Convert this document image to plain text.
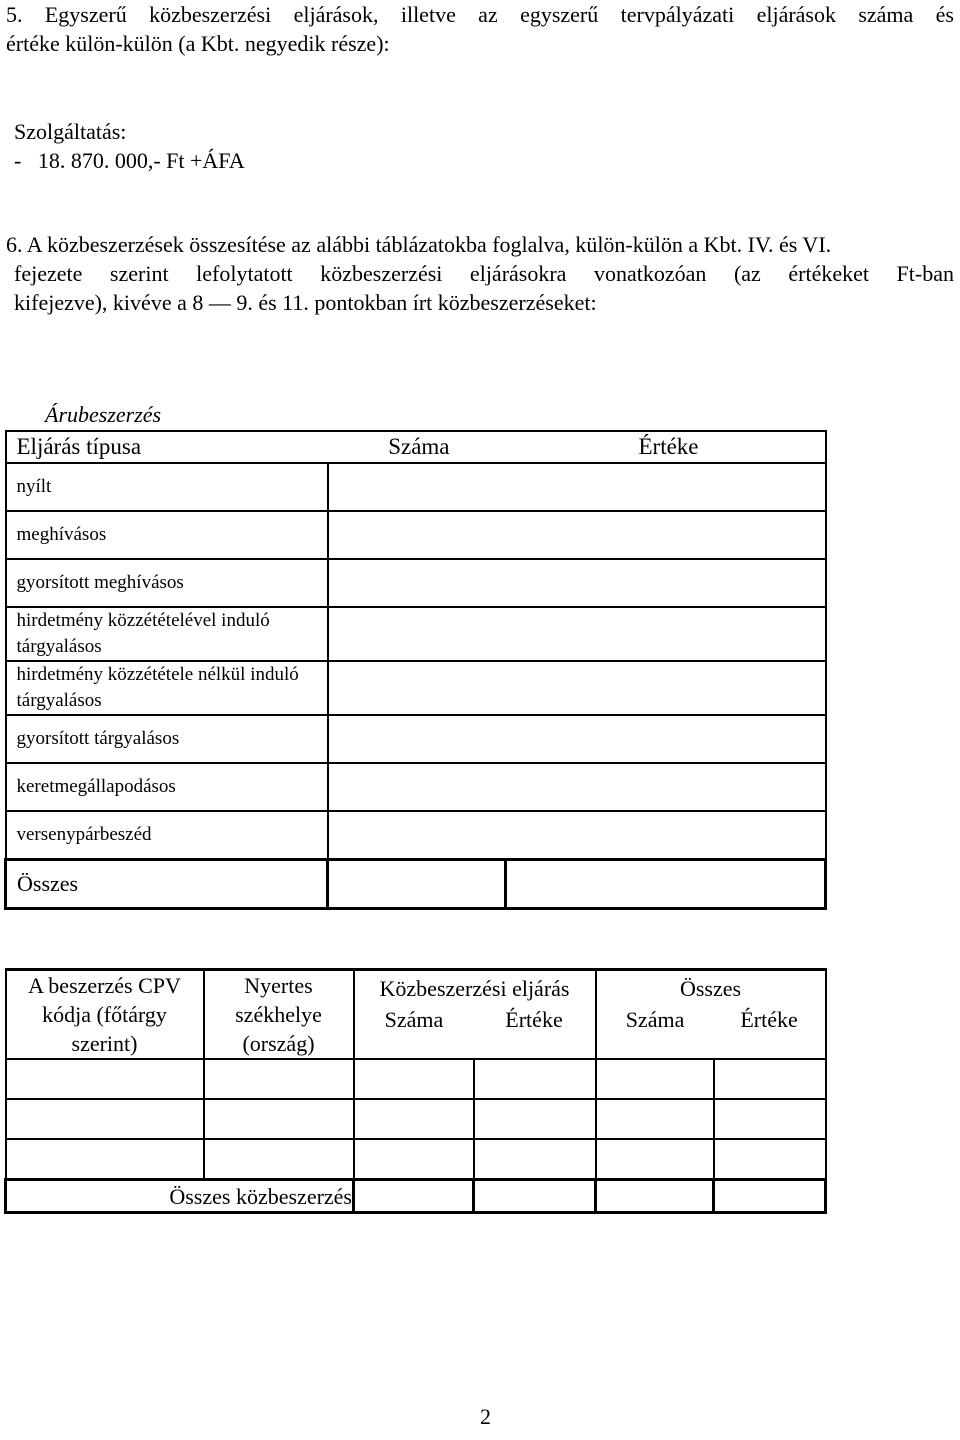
5. Egyszerű közbeszerzési eljárások, illetve az egyszerű tervpályázati eljárások száma és

értéke külön-külön (a Kbt. negyedik része):

Szolgáltatás:

-   18. 870. 000,- Ft +ÁFA

6. A közbeszerzések összesítése az alábbi táblázatokba foglalva, külön-külön a Kbt. IV. és VI.

fejezete szerint lefolytatott közbeszerzési eljárásokra vonatkozóan (az értékeket Ft-ban

kifejezve), kivéve a 8 — 9. és 11. pontokban írt közbeszerzéseket:

Árubeszerzés

Eljárás típusa	Száma	Értéke
nyílt		
meghívásos		
gyorsított meghívásos		
hirdetmény közzétételével induló tárgyalásos		
hirdetmény közzététele nélkül induló tárgyalásos		
gyorsított tárgyalásos		
keretmegállapodásos		
versenypárbeszéd		
Összes		
A beszerzés CPV kódja (főtárgy szerint)	Nyertes székhelye (ország)	Közbeszerzési eljárás		Összes	
		Száma	Értéke	Száma	Értéke

Összes közbeszerzés					

2
